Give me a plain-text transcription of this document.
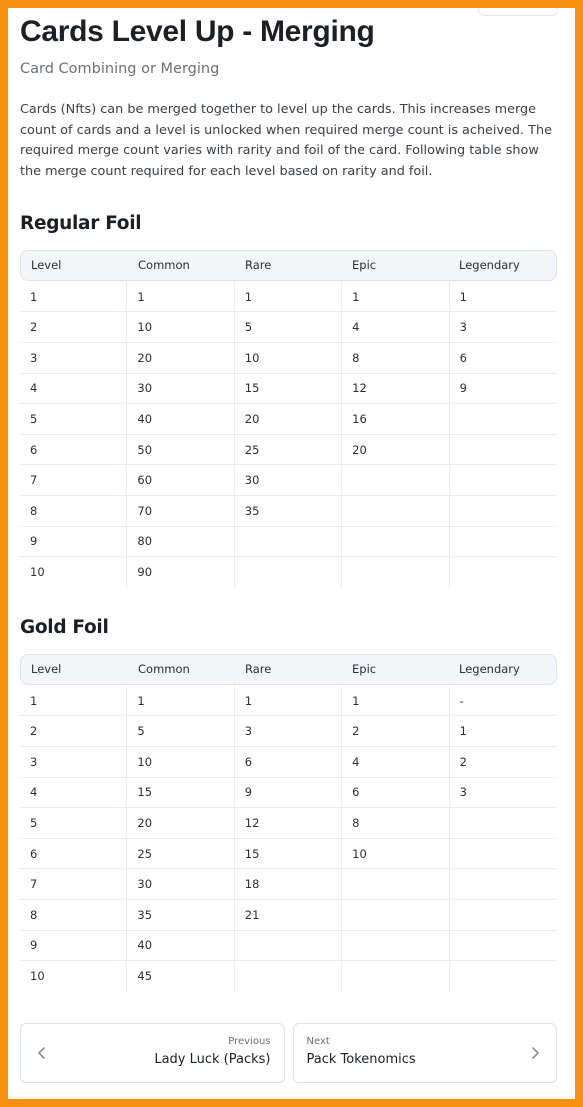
Cards Level Up - Merging
Card Combining or Merging

Cards (Nfts) can be merged together to level up the cards. This increases merge count of cards and a level is unlocked when required merge count is acheived. The required merge count varies with rarity and foil of the card. Following table show the merge count required for each level based on rarity and foil.

Regular Foil
Level	Common	Rare	Epic	Legendary
1	1	1	1	1
2	10	5	4	3
3	20	10	8	6
4	30	15	12	9
5	40	20	16
6	50	25	20
7	60	30
8	70	35
9	80
10	90
Gold Foil
Level	Common	Rare	Epic	Legendary
1	1	1	1	-
2	5	3	2	1
3	10	6	4	2
4	15	9	6	3
5	20	12	8
6	25	15	10
7	30	18
8	35	21
9	40
10	45
Previous
Lady Luck (Packs)
Next
Pack Tokenomics
